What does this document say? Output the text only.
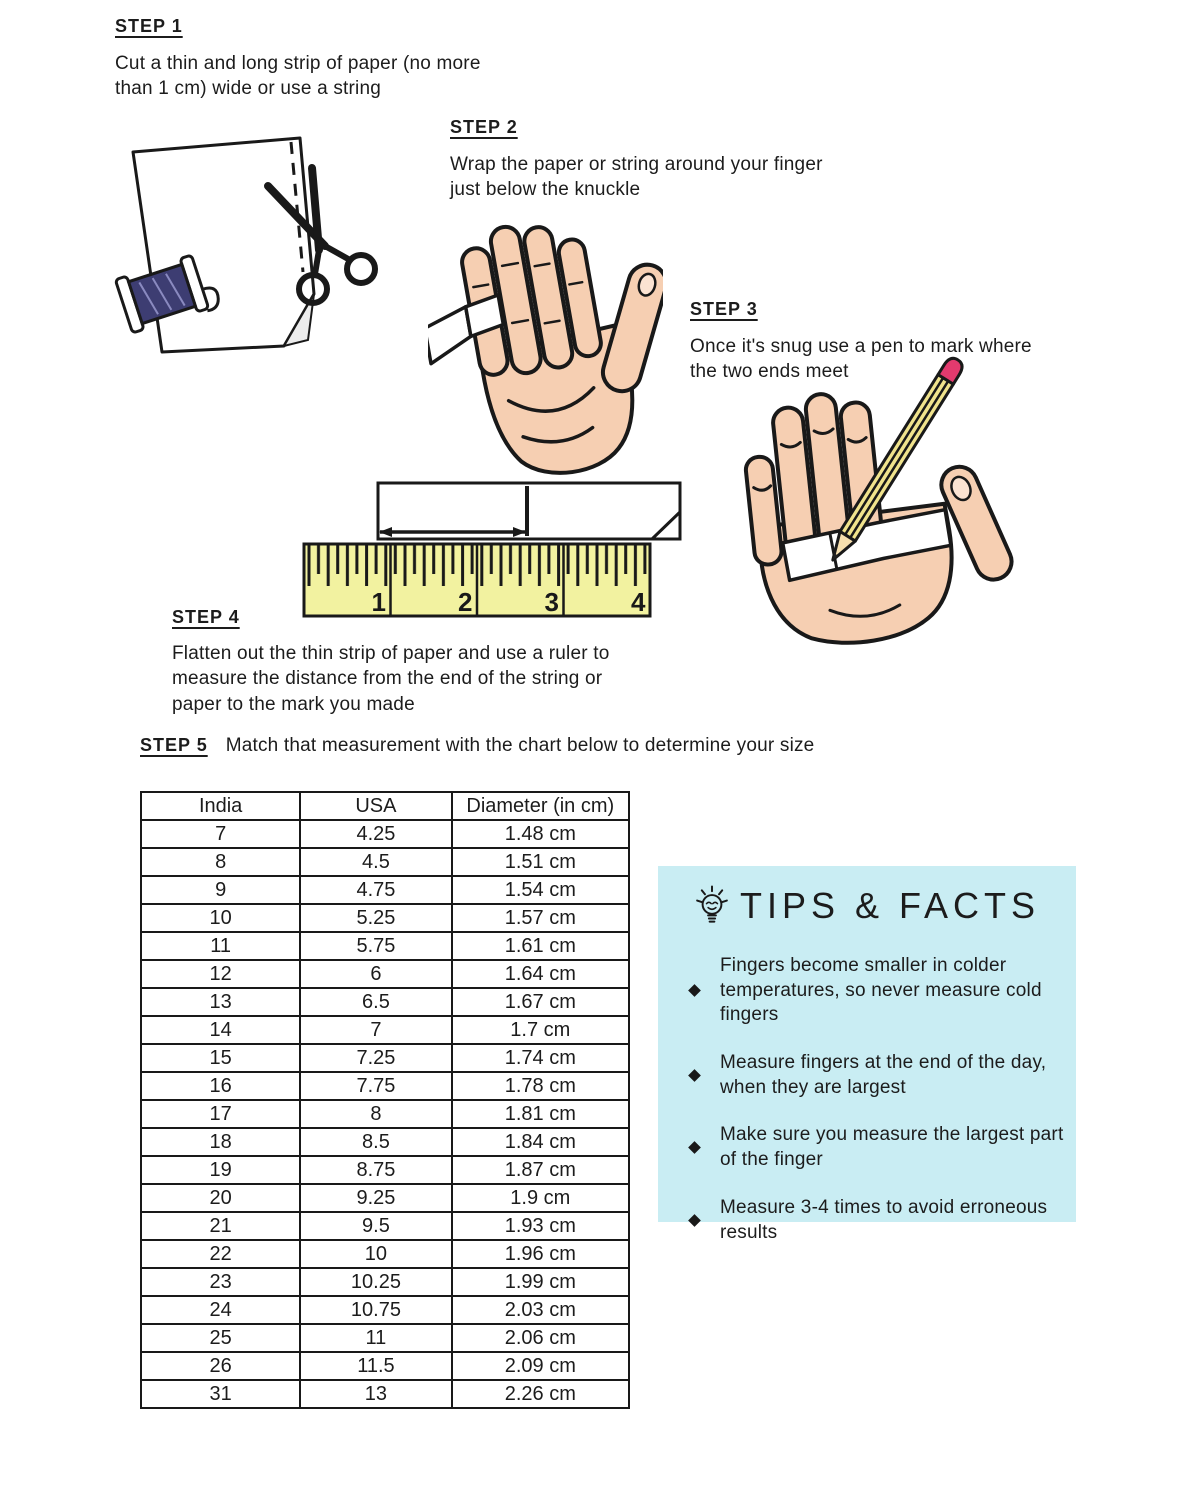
STEP 1

Cut a thin and long strip of paper (no more than 1 cm) wide or use a string

STEP 2

Wrap the paper or string around your finger just below the knuckle

STEP 3

Once it's snug use a pen to mark where the two ends meet

1	2	3	4
STEP 4

Flatten out the thin strip of paper and use a ruler to measure the distance from the end of the string or paper to the mark you made

STEP 5 Match that measurement with the chart below to determine your size
India	USA	Diameter (in cm)
7	4.25	1.48 cm
8	4.5	1.51 cm
9	4.75	1.54 cm
10	5.25	1.57 cm
11	5.75	1.61 cm
12	6	1.64 cm
13	6.5	1.67 cm
14	7	1.7 cm
15	7.25	1.74 cm
16	7.75	1.78 cm
17	8	1.81 cm
18	8.5	1.84 cm
19	8.75	1.87 cm
20	9.25	1.9 cm
21	9.5	1.93 cm
22	10	1.96 cm
23	10.25	1.99 cm
24	10.75	2.03 cm
25	11	2.06 cm
26	11.5	2.09 cm
31	13	2.26 cm
TIPS & FACTS
Fingers become smaller in colder temperatures, so never measure cold fingers
Measure fingers at the end of the day, when they are largest
Make sure you measure the largest part of the finger
Measure 3-4 times to avoid erroneous results
